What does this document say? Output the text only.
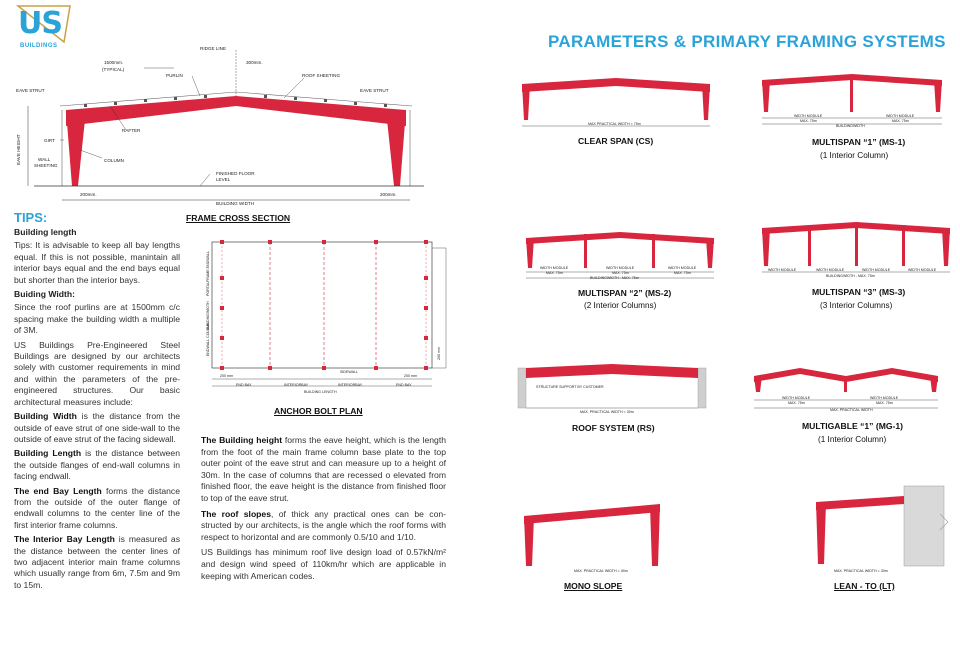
US
BUILDINGS	PARAMETERS & PRIMARY FRAMING SYSTEMS
RIDGE LINE
1500mm.
(TYPICAL)
300mm.
PURLIN	ROOF SHEETING
EAVE STRUT	EAVE STRUT
RAFTER
GIRT
WALL
SHEETING
COLUMN
FINISHED FLOOR
LEVEL
EAVE HEIGHT
200mm.	200mm.
BUILDING WIDTH
FRAME CROSS SECTION
BUILDINGWIDTH
PORTALFRAME ENDWALL
ENDWALL COLUMN
SIDEWALL
200 mm	200 mm
200 mm
END BAY	INTERIORBAY	INTERIORBAY	END BAY
BUILDING LENGTH
ANCHOR BOLT PLAN
TIPS:

Building length

Tips: It is advisable to keep all bay lengths equal. If this is not possible, manintain all interior bays equal and the end bays equal but shorter than the interior bays.

Buiding Width:

Since the roof purlins are at 1500mm c/c spacing make the building width a multiple of 3M.

US Buildings Pre-Engineered Steel Buildings are designed by our architects solely with customer requirements in mind and within the parameters of the pre-engineered structures. Our basic architectural measures include:

Building Width is the distance from the outside of eave strut of one side-wall to the outside of eave strut of the facing sidewall.

Building Length is the distance between the outside flanges of end-wall columns in facing endwall.

The end Bay Length forms the distance from the outside of the outer flange of endwall columns to the center line of the first interior frame columns.

The Interior Bay Length is measured as the distance between the center lines of two adjacent interior main frame columns which usually range from 6m, 7.5m and 9m to 15m.

The Building height forms the eave height, which is the length from the foot of the main frame column base plate to the top outer point of the eave strut and can measure up to a height of 30m. In the case of columns that are recessed o elevated from finished floor, the eave height is the distance from finished floor to top of the eave strut.

The roof slopes, of thick any practical ones can be con-structed by our architects, is the angle which the roof forms with respect to horizontal and are commonly 0.5/10 and 1/10.

US Buildings has minimum roof live design load of 0.57kN/m² and design wind speed of 110km/hr which are applicable in keeping with American codes.

MAX PRACTICAL WIDTH = 75m
CLEAR SPAN (CS)
WIDTH MODULE
MAX. 75m
WIDTH MODULE
MAX. 75m
BUILDINGWIDTH
MULTISPAN “1” (MS-1)
(1 Interior Column)
WIDTH MODULE
MAX. 75m
WIDTH MODULE
MAX. 75m
WIDTH MODULE
MAX. 75m
BUILDINGWIDTH - MAX. 75m
MULTISPAN “2” (MS-2)
(2 Interior Columns)
WIDTH MODULE	WIDTH MODULE	WIDTH MODULE	WIDTH MODULE
BUILDINGWIDTH - MAX. 75m
MULTISPAN “3” (MS-3)
(3 Interior Columns)
STRUCTURE SUPPORT BY CUSTOMER
MAX. PRACTICAL WIDTH = 30m
ROOF SYSTEM (RS)
WIDTH MODULE
MAX. 75m
WIDTH MODULE
MAX. 75m
MAX. PRACTICAL WIDTH
MULTIGABLE “1” (MG-1)
(1 Interior Column)
MAX. PRACTICAL WIDTH = 40m
MONO SLOPE
MAX. PRACTICAL WIDTH = 30m
LEAN - TO (LT)
